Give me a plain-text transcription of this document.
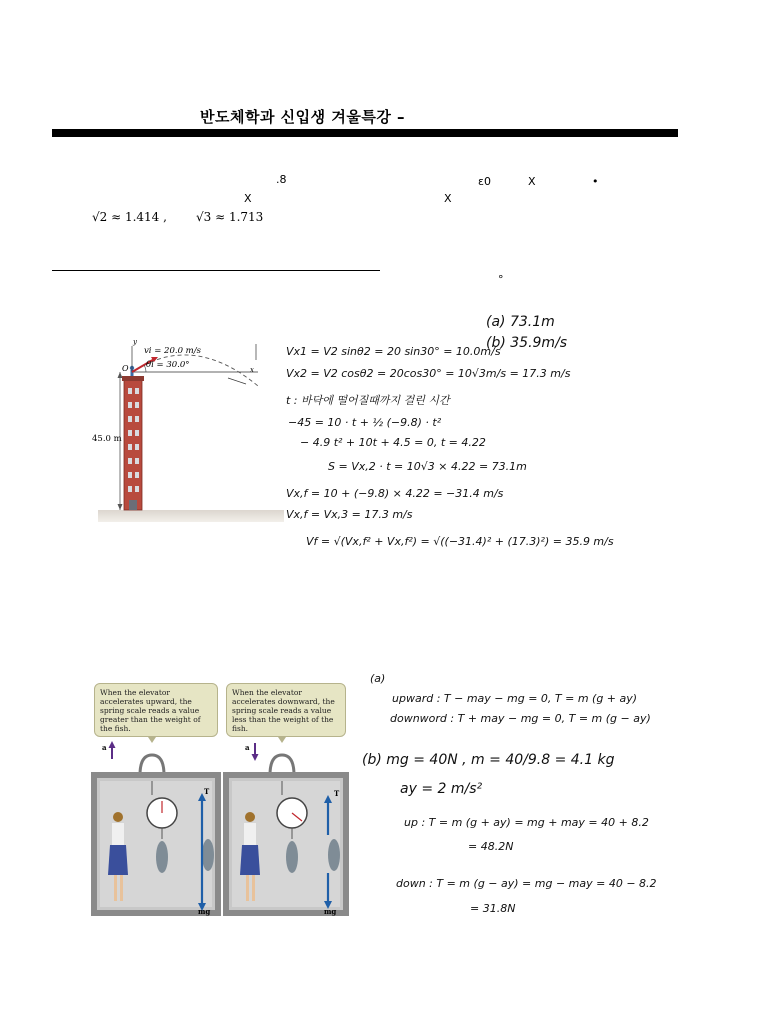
반도체학과 신입생 겨울특강 –
.8	ε0	X	•
X	X
√2 ≈ 1.414 , √3 ≈ 1.713
°
vi = 20.0 m/s
θi = 30.0°
45.0 m
O
y
x
(a) 73.1m
(b) 35.9m/s
Vx1 = V2 sinθ2 = 20 sin30° = 10.0m/s
Vx2 = V2 cosθ2 = 20cos30° = 10√3m/s = 17.3 m/s
t : 바닥에 떨어질때까지 걸린 시간
−45 = 10 · t + ½ (−9.8) · t²
− 4.9 t² + 10t + 4.5 = 0, t = 4.22
S = Vx,2 · t = 10√3 × 4.22 = 73.1m
Vx,f = 10 + (−9.8) × 4.22 = −31.4 m/s
Vx,f = Vx,3 = 17.3 m/s
Vf = √(Vx,f² + Vx,f²) = √((−31.4)² + (17.3)²) = 35.9 m/s
When the elevator accelerates upward, the spring scale reads a value greater than the weight of the fish.
When the elevator accelerates downward, the spring scale reads a value less than the weight of the fish.
a	a
T	T
mg	mg
(a)
upward : T − may − mg = 0, T = m (g + ay)
downword : T + may − mg = 0, T = m (g − ay)
(b) mg = 40N , m = 40/9.8 = 4.1 kg
ay = 2 m/s²
up : T = m (g + ay) = mg + may = 40 + 8.2
= 48.2N
down : T = m (g − ay) = mg − may = 40 − 8.2
= 31.8N
